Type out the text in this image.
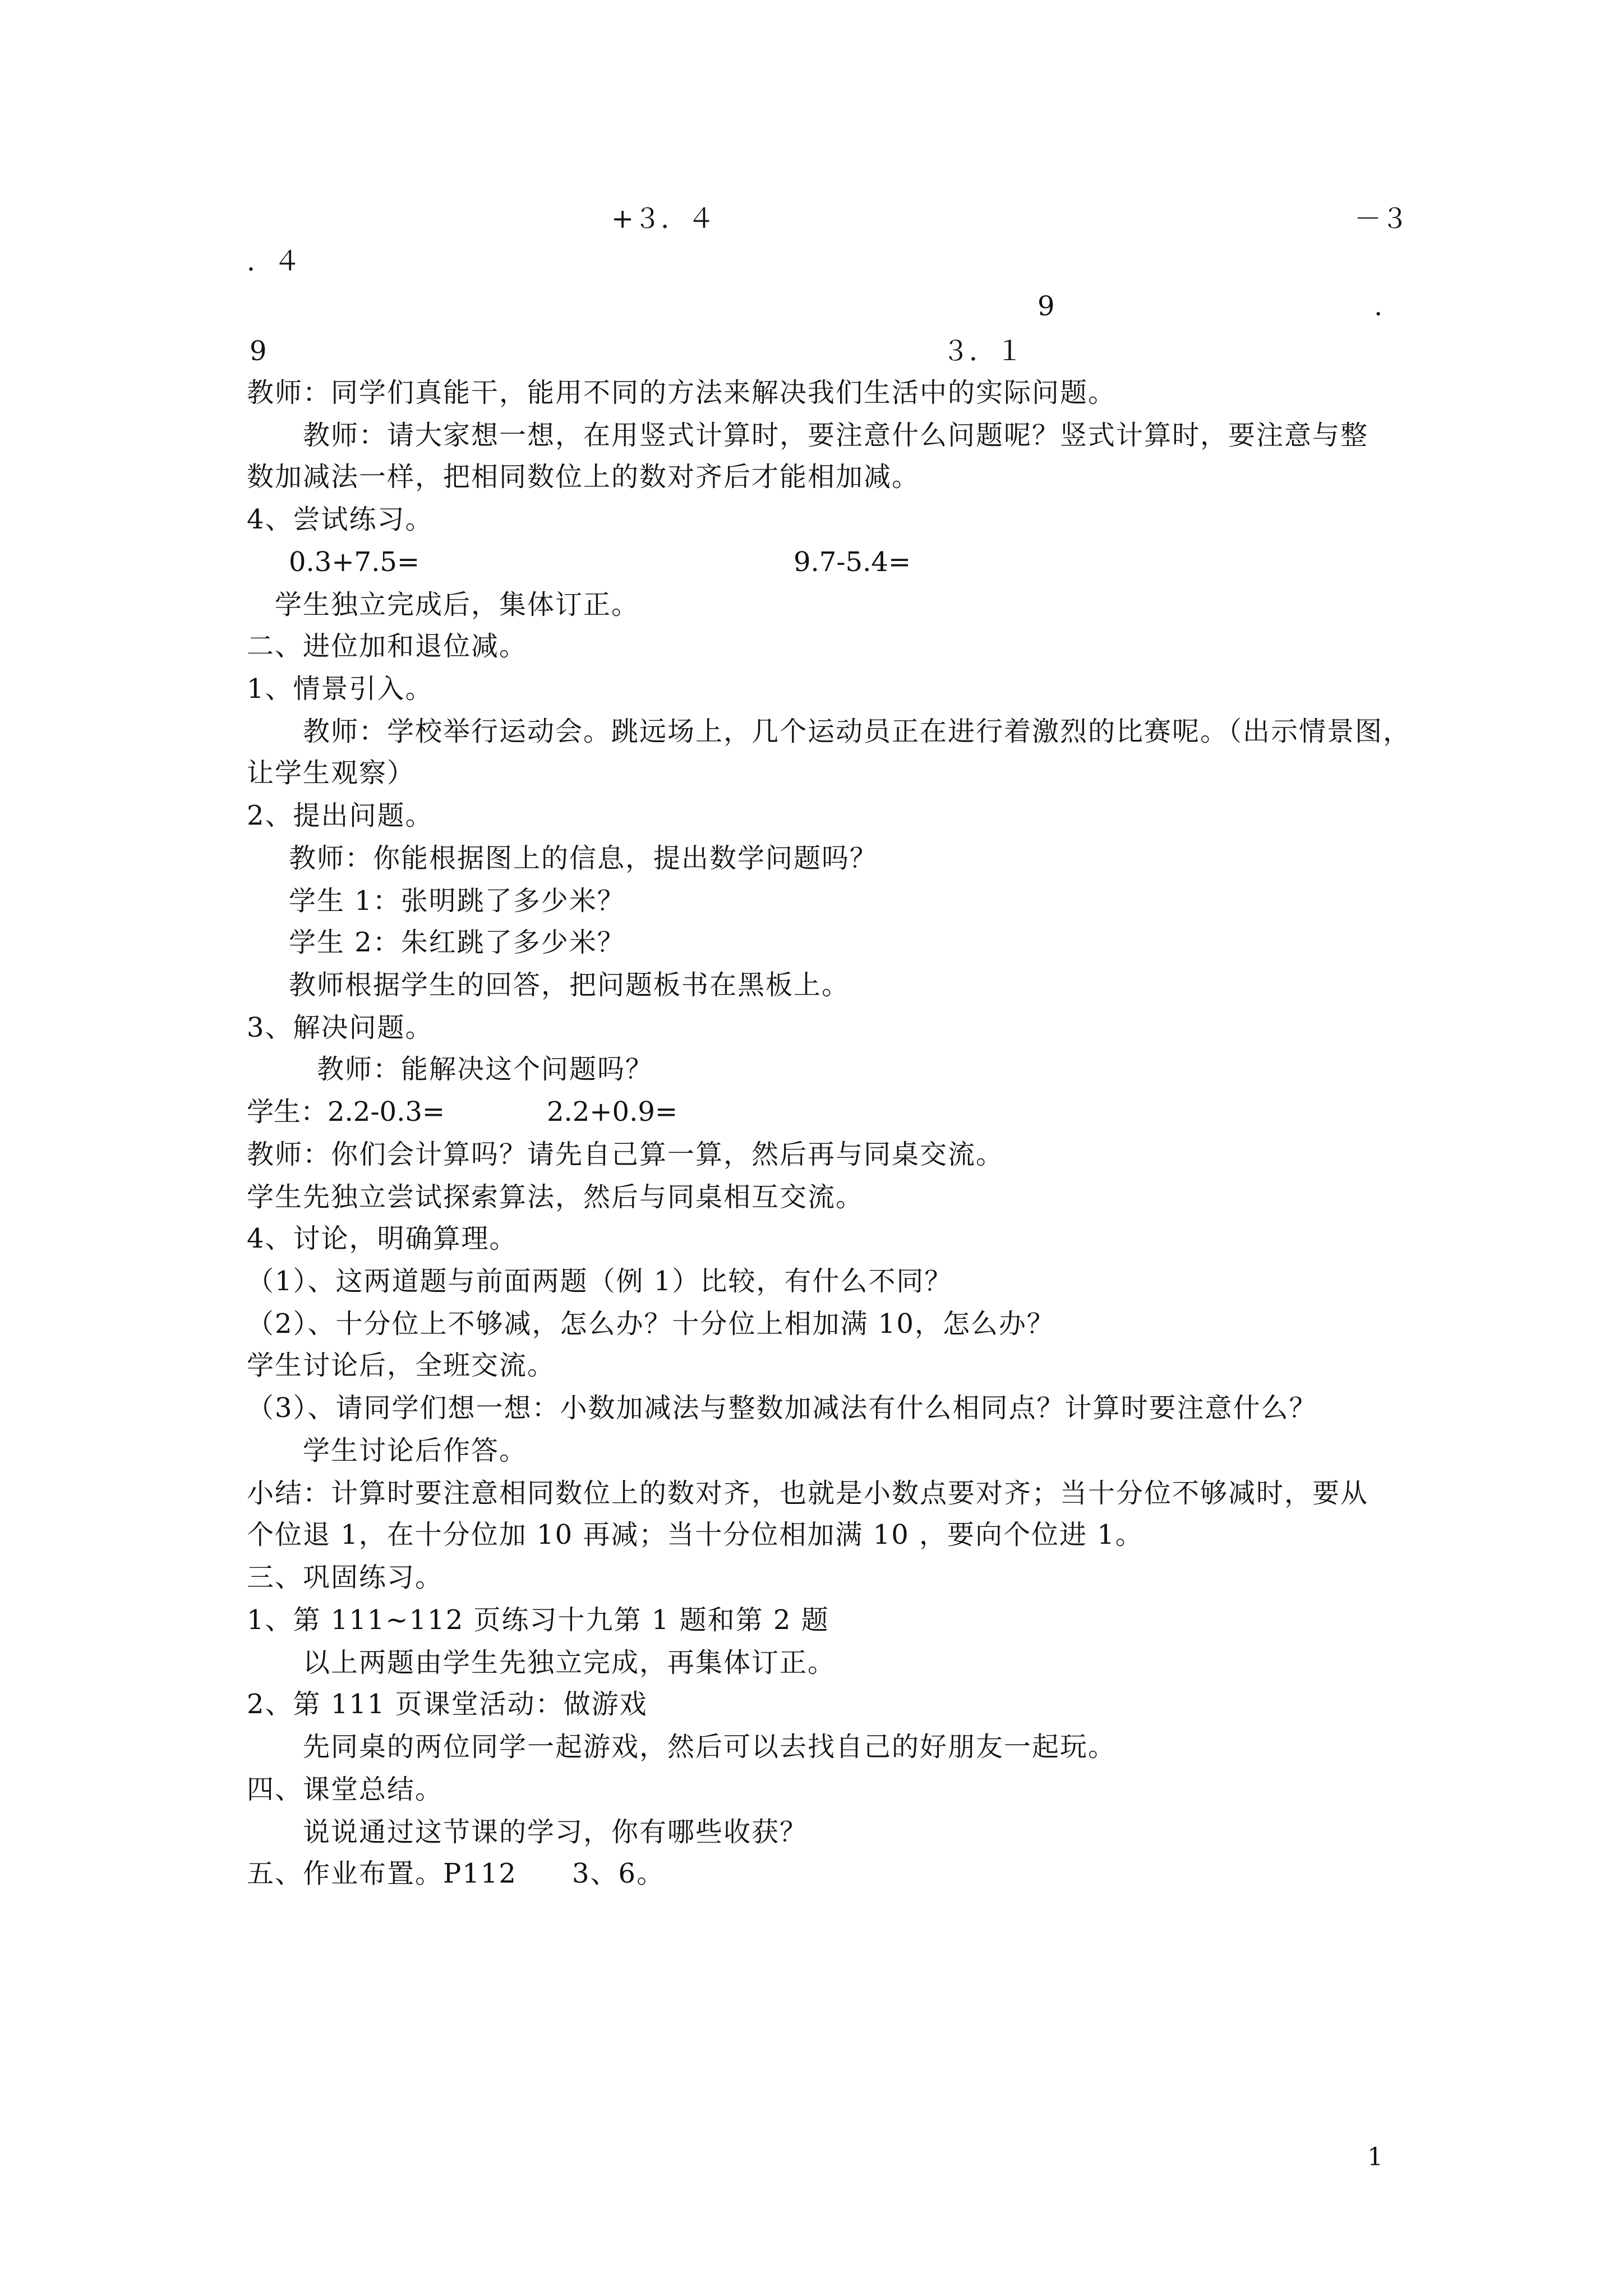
+３．４	－３
．４
9	.
9	３．１
教师：同学们真能干，能用不同的方法来解决我们生活中的实际问题。
教师：请大家想一想，在用竖式计算时，要注意什么问题呢？竖式计算时，要注意与整
数加减法一样，把相同数位上的数对齐后才能相加减。
4、尝试练习。
0.3+7.5=	9.7-5.4=
学生独立完成后，集体订正。
二、进位加和退位减。
1、情景引入。
教师：学校举行运动会。跳远场上，几个运动员正在进行着激烈的比赛呢。（出示情景图，
让学生观察）
2、提出问题。
教师：你能根据图上的信息，提出数学问题吗？
学生 1：张明跳了多少米？
学生 2：朱红跳了多少米？
教师根据学生的回答，把问题板书在黑板上。
3、解决问题。
教师：能解决这个问题吗？
学生：2.2-0.3=	2.2+0.9=
教师：你们会计算吗？请先自己算一算，然后再与同桌交流。
学生先独立尝试探索算法，然后与同桌相互交流。
4、讨论，明确算理。
（1）、这两道题与前面两题（例 1）比较，有什么不同？
（2）、十分位上不够减，怎么办？十分位上相加满 10，怎么办？
学生讨论后，全班交流。
（3）、请同学们想一想：小数加减法与整数加减法有什么相同点？计算时要注意什么？
学生讨论后作答。
小结：计算时要注意相同数位上的数对齐，也就是小数点要对齐；当十分位不够减时，要从
个位退 1，在十分位加 10 再减；当十分位相加满 10 ，要向个位进 1。
三、巩固练习。
1、第 111~112 页练习十九第 1 题和第 2 题
以上两题由学生先独立完成，再集体订正。
2、第 111 页课堂活动：做游戏
先同桌的两位同学一起游戏，然后可以去找自己的好朋友一起玩。
四、课堂总结。
说说通过这节课的学习，你有哪些收获？
五、作业布置。P112 3、6。
1
